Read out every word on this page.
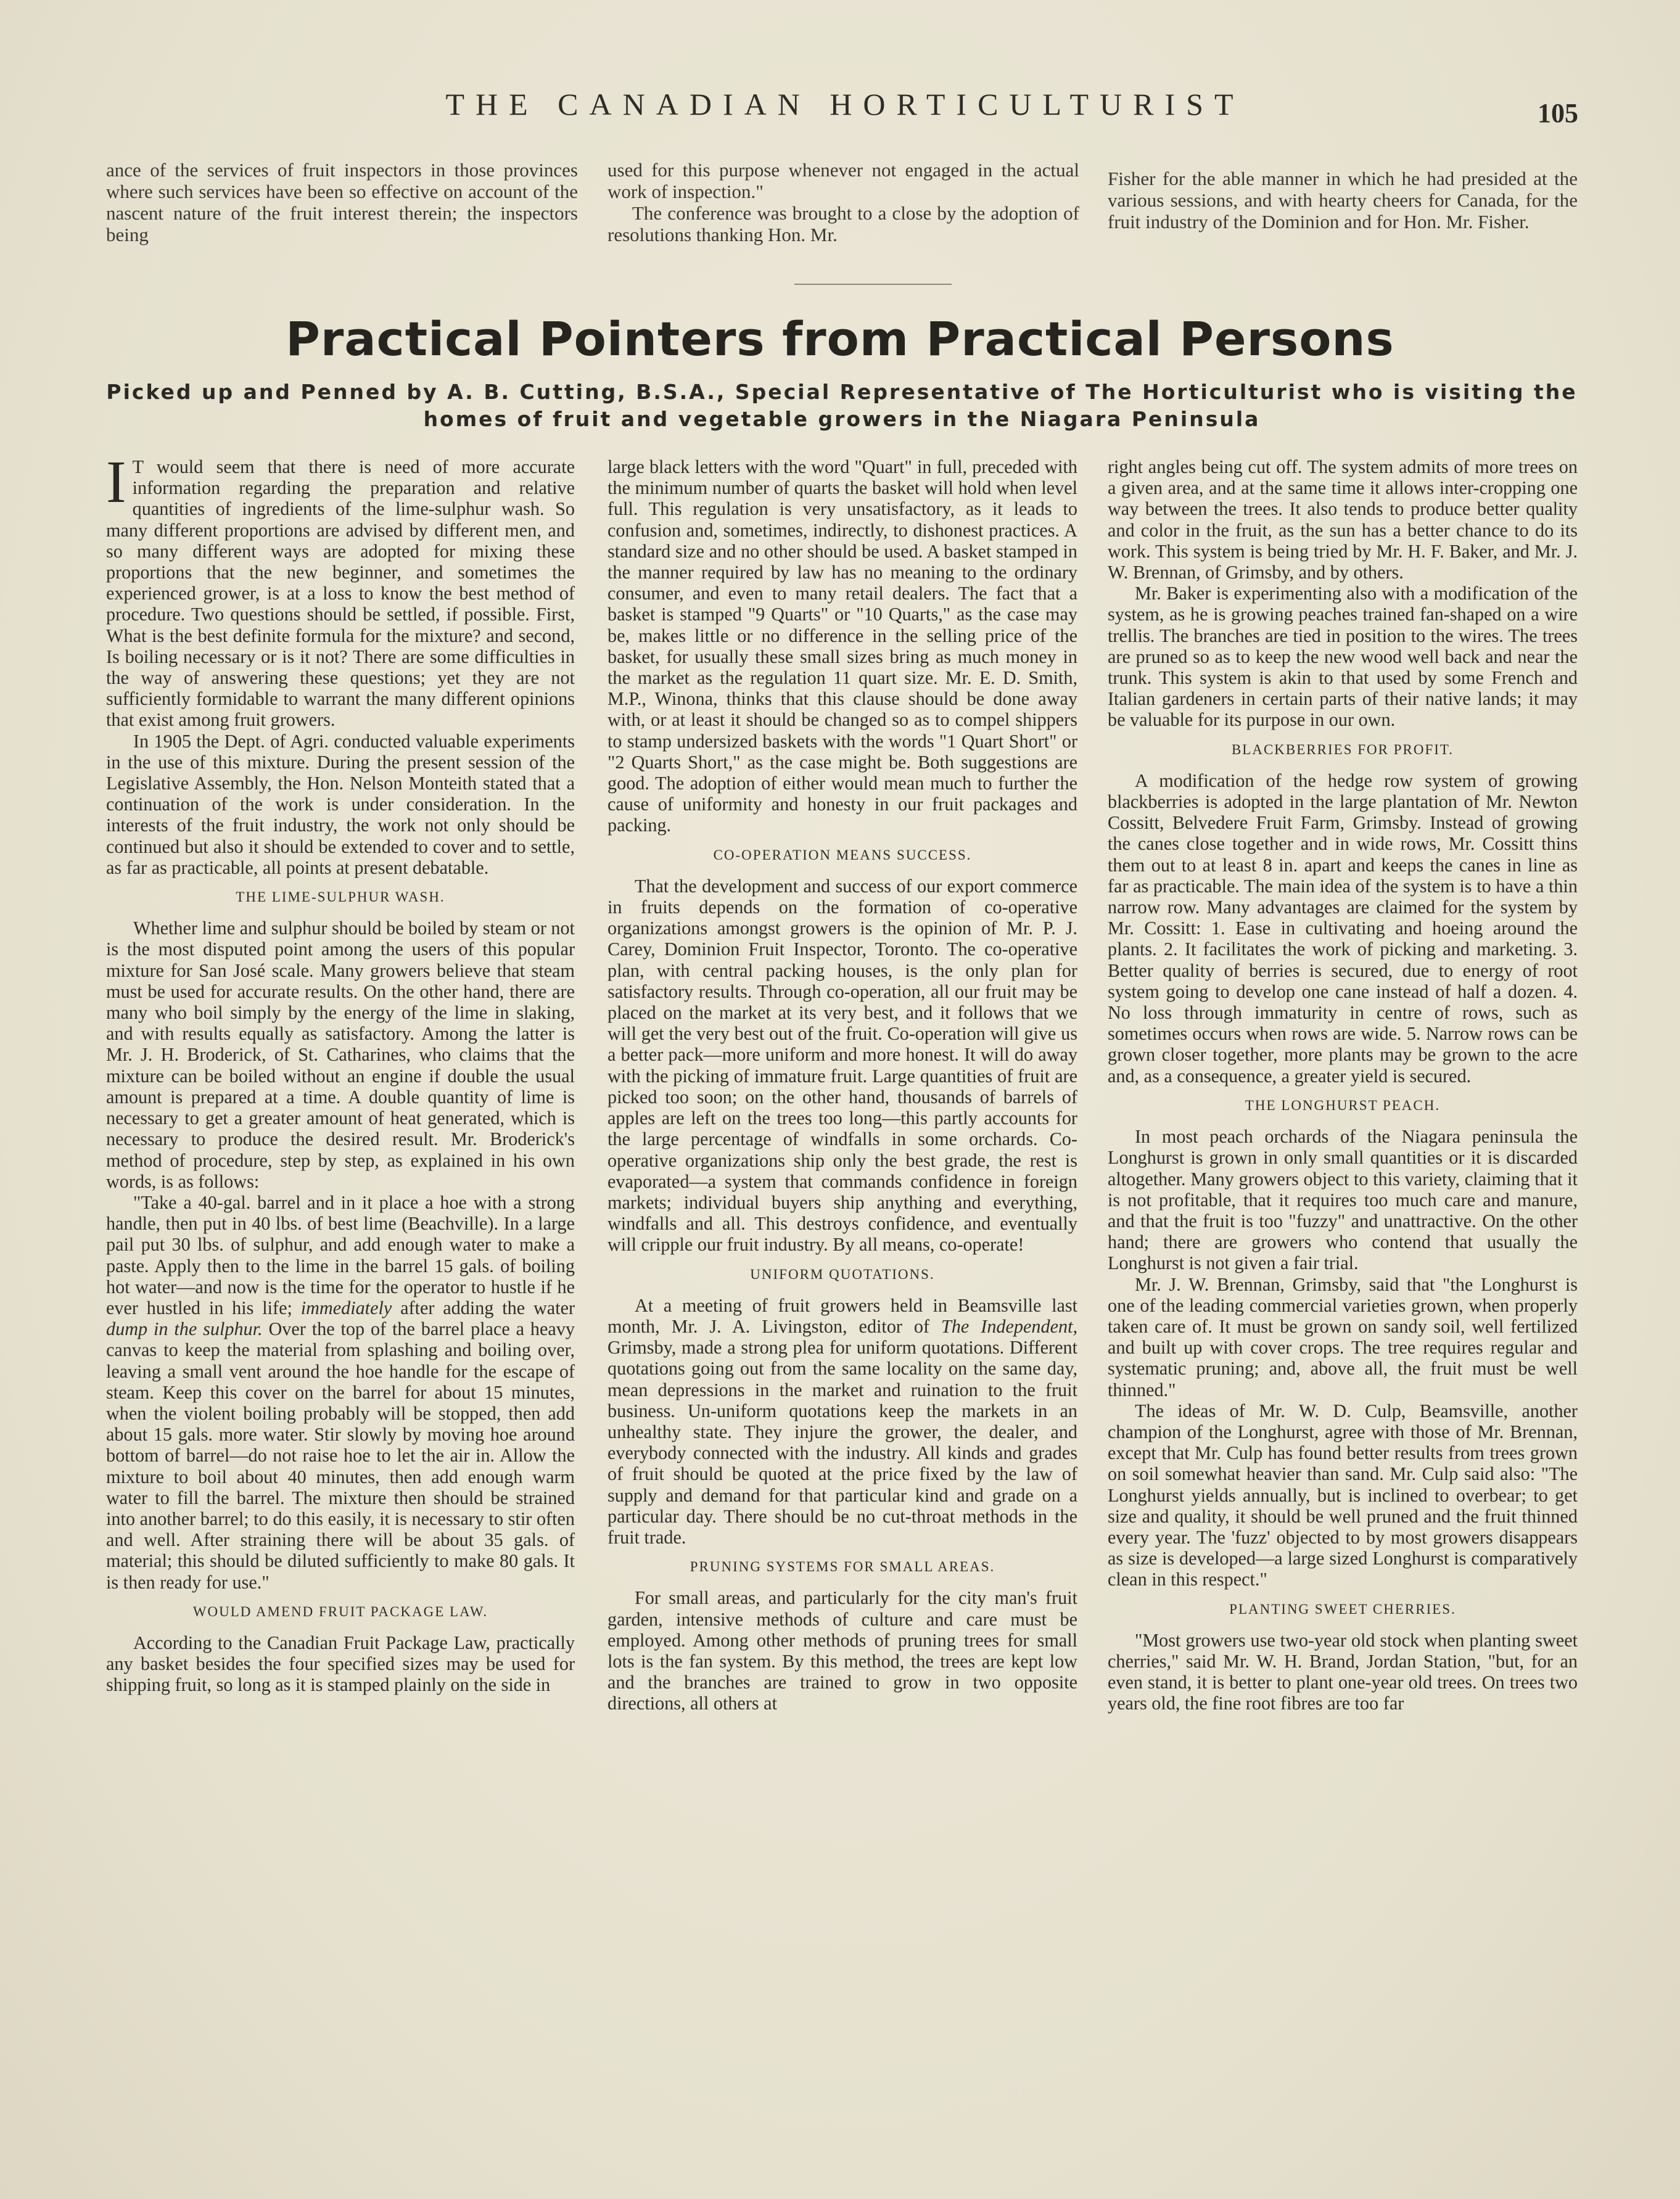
THE CANADIAN HORTICULTURIST	105

ance of the services of fruit inspectors in those provinces where such services have been so effective on account of the nascent nature of the fruit interest therein; the inspectors being

used for this purpose whenever not engaged in the actual work of inspection."

The conference was brought to a close by the adoption of resolutions thanking Hon. Mr.

Fisher for the able manner in which he had presided at the various sessions, and with hearty cheers for Canada, for the fruit industry of the Dominion and for Hon. Mr. Fisher.

Practical Pointers from Practical Persons
Picked up and Penned by A. B. Cutting, B.S.A., Special Representative of The Horticulturist who is visiting the homes of fruit and vegetable growers in the Niagara Peninsula

I T would seem that there is need of more accurate information regarding the preparation and relative quantities of ingredients of the lime-sulphur wash. So many different proportions are advised by different men, and so many different ways are adopted for mixing these proportions that the new beginner, and sometimes the experienced grower, is at a loss to know the best method of procedure. Two questions should be settled, if possible. First, What is the best definite formula for the mixture? and second, Is boiling necessary or is it not? There are some difficulties in the way of answering these questions; yet they are not sufficiently formidable to warrant the many different opinions that exist among fruit growers.

In 1905 the Dept. of Agri. conducted valuable experiments in the use of this mixture. During the present session of the Legislative Assembly, the Hon. Nelson Monteith stated that a continuation of the work is under consideration. In the interests of the fruit industry, the work not only should be continued but also it should be extended to cover and to settle, as far as practicable, all points at present debatable.

THE LIME-SULPHUR WASH.

Whether lime and sulphur should be boiled by steam or not is the most disputed point among the users of this popular mixture for San José scale. Many growers believe that steam must be used for accurate results. On the other hand, there are many who boil simply by the energy of the lime in slaking, and with results equally as satisfactory. Among the latter is Mr. J. H. Broderick, of St. Catharines, who claims that the mixture can be boiled without an engine if double the usual amount is prepared at a time. A double quantity of lime is necessary to get a greater amount of heat generated, which is necessary to produce the desired result. Mr. Broderick's method of procedure, step by step, as explained in his own words, is as follows:

"Take a 40-gal. barrel and in it place a hoe with a strong handle, then put in 40 lbs. of best lime (Beachville). In a large pail put 30 lbs. of sulphur, and add enough water to make a paste. Apply then to the lime in the barrel 15 gals. of boiling hot water—and now is the time for the operator to hustle if he ever hustled in his life; immediately after adding the water dump in the sulphur. Over the top of the barrel place a heavy canvas to keep the material from splashing and boiling over, leaving a small vent around the hoe handle for the escape of steam. Keep this cover on the barrel for about 15 minutes, when the violent boiling probably will be stopped, then add about 15 gals. more water. Stir slowly by moving hoe around bottom of barrel—do not raise hoe to let the air in. Allow the mixture to boil about 40 minutes, then add enough warm water to fill the barrel. The mixture then should be strained into another barrel; to do this easily, it is necessary to stir often and well. After straining there will be about 35 gals. of material; this should be diluted sufficiently to make 80 gals. It is then ready for use."

WOULD AMEND FRUIT PACKAGE LAW.

According to the Canadian Fruit Package Law, practically any basket besides the four specified sizes may be used for shipping fruit, so long as it is stamped plainly on the side in

large black letters with the word "Quart" in full, preceded with the minimum number of quarts the basket will hold when level full. This regulation is very unsatisfactory, as it leads to confusion and, sometimes, indirectly, to dishonest practices. A standard size and no other should be used. A basket stamped in the manner required by law has no meaning to the ordinary consumer, and even to many retail dealers. The fact that a basket is stamped "9 Quarts" or "10 Quarts," as the case may be, makes little or no difference in the selling price of the basket, for usually these small sizes bring as much money in the market as the regulation 11 quart size. Mr. E. D. Smith, M.P., Winona, thinks that this clause should be done away with, or at least it should be changed so as to compel shippers to stamp undersized baskets with the words "1 Quart Short" or "2 Quarts Short," as the case might be. Both suggestions are good. The adoption of either would mean much to further the cause of uniformity and honesty in our fruit packages and packing.

CO-OPERATION MEANS SUCCESS.

That the development and success of our export commerce in fruits depends on the formation of co-operative organizations amongst growers is the opinion of Mr. P. J. Carey, Dominion Fruit Inspector, Toronto. The co-operative plan, with central packing houses, is the only plan for satisfactory results. Through co-operation, all our fruit may be placed on the market at its very best, and it follows that we will get the very best out of the fruit. Co-operation will give us a better pack—more uniform and more honest. It will do away with the picking of immature fruit. Large quantities of fruit are picked too soon; on the other hand, thousands of barrels of apples are left on the trees too long—this partly accounts for the large percentage of windfalls in some orchards. Co-operative organizations ship only the best grade, the rest is evaporated—a system that commands confidence in foreign markets; individual buyers ship anything and everything, windfalls and all. This destroys confidence, and eventually will cripple our fruit industry. By all means, co-operate!

UNIFORM QUOTATIONS.

At a meeting of fruit growers held in Beamsville last month, Mr. J. A. Livingston, editor of The Independent, Grimsby, made a strong plea for uniform quotations. Different quotations going out from the same locality on the same day, mean depressions in the market and ruination to the fruit business. Un-uniform quotations keep the markets in an unhealthy state. They injure the grower, the dealer, and everybody connected with the industry. All kinds and grades of fruit should be quoted at the price fixed by the law of supply and demand for that particular kind and grade on a particular day. There should be no cut-throat methods in the fruit trade.

PRUNING SYSTEMS FOR SMALL AREAS.

For small areas, and particularly for the city man's fruit garden, intensive methods of culture and care must be employed. Among other methods of pruning trees for small lots is the fan system. By this method, the trees are kept low and the branches are trained to grow in two opposite directions, all others at

right angles being cut off. The system admits of more trees on a given area, and at the same time it allows inter-cropping one way between the trees. It also tends to produce better quality and color in the fruit, as the sun has a better chance to do its work. This system is being tried by Mr. H. F. Baker, and Mr. J. W. Brennan, of Grimsby, and by others.

Mr. Baker is experimenting also with a modification of the system, as he is growing peaches trained fan-shaped on a wire trellis. The branches are tied in position to the wires. The trees are pruned so as to keep the new wood well back and near the trunk. This system is akin to that used by some French and Italian gardeners in certain parts of their native lands; it may be valuable for its purpose in our own.

BLACKBERRIES FOR PROFIT.

A modification of the hedge row system of growing blackberries is adopted in the large plantation of Mr. Newton Cossitt, Belvedere Fruit Farm, Grimsby. Instead of growing the canes close together and in wide rows, Mr. Cossitt thins them out to at least 8 in. apart and keeps the canes in line as far as practicable. The main idea of the system is to have a thin narrow row. Many advantages are claimed for the system by Mr. Cossitt: 1. Ease in cultivating and hoeing around the plants. 2. It facilitates the work of picking and marketing. 3. Better quality of berries is secured, due to energy of root system going to develop one cane instead of half a dozen. 4. No loss through immaturity in centre of rows, such as sometimes occurs when rows are wide. 5. Narrow rows can be grown closer together, more plants may be grown to the acre and, as a consequence, a greater yield is secured.

THE LONGHURST PEACH.

In most peach orchards of the Niagara peninsula the Longhurst is grown in only small quantities or it is discarded altogether. Many growers object to this variety, claiming that it is not profitable, that it requires too much care and manure, and that the fruit is too "fuzzy" and unattractive. On the other hand; there are growers who contend that usually the Longhurst is not given a fair trial.

Mr. J. W. Brennan, Grimsby, said that "the Longhurst is one of the leading commercial varieties grown, when properly taken care of. It must be grown on sandy soil, well fertilized and built up with cover crops. The tree requires regular and systematic pruning; and, above all, the fruit must be well thinned."

The ideas of Mr. W. D. Culp, Beamsville, another champion of the Longhurst, agree with those of Mr. Brennan, except that Mr. Culp has found better results from trees grown on soil somewhat heavier than sand. Mr. Culp said also: "The Longhurst yields annually, but is inclined to overbear; to get size and quality, it should be well pruned and the fruit thinned every year. The 'fuzz' objected to by most growers disappears as size is developed—a large sized Longhurst is comparatively clean in this respect."

PLANTING SWEET CHERRIES.

"Most growers use two-year old stock when planting sweet cherries," said Mr. W. H. Brand, Jordan Station, "but, for an even stand, it is better to plant one-year old trees. On trees two years old, the fine root fibres are too far
